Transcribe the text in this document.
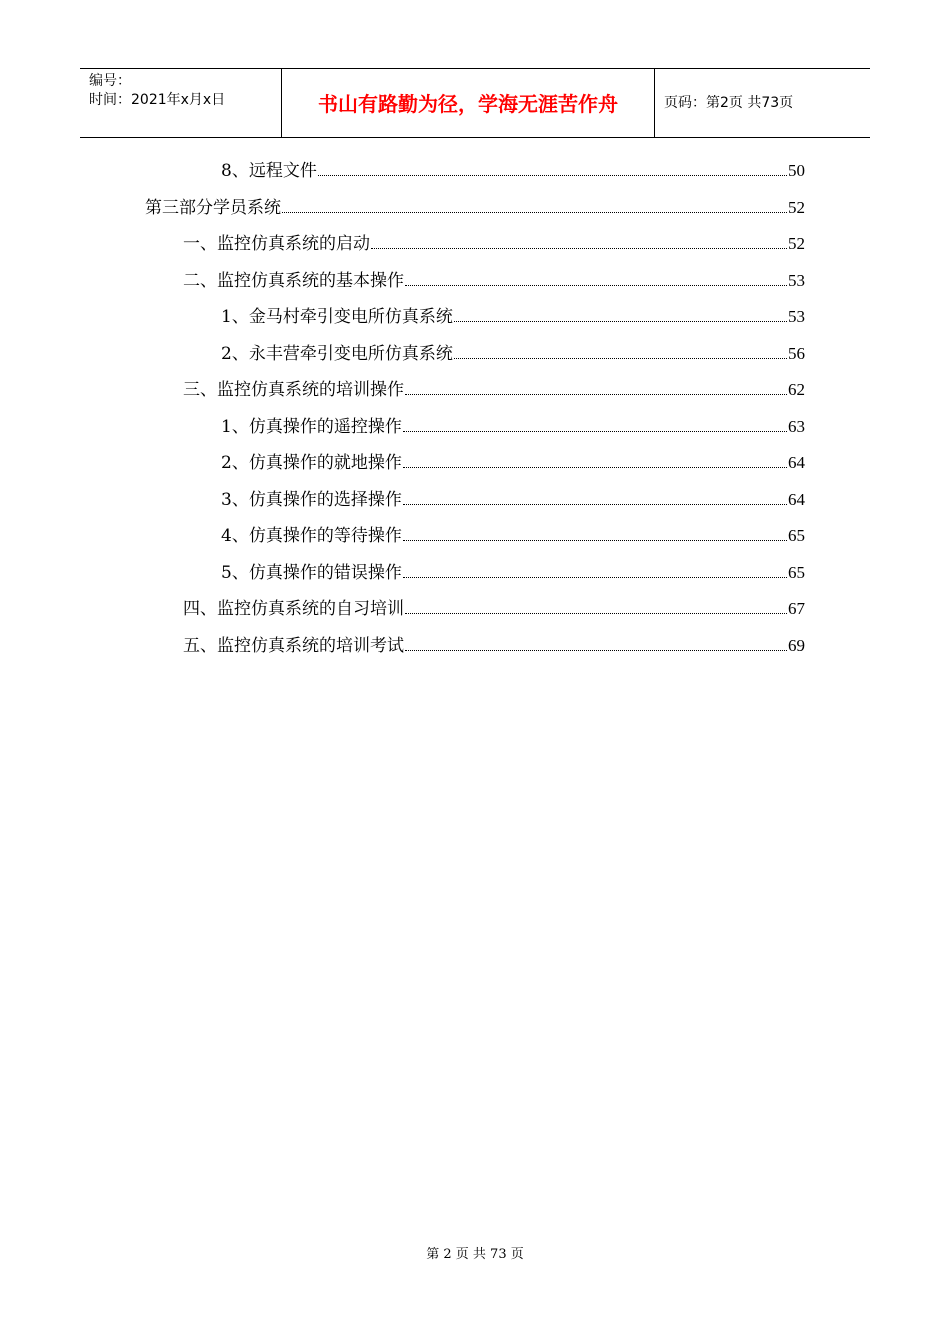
编号：
时间：2021年x月x日	书山有路勤为径，学海无涯苦作舟	页码：第2页 共73页
8、远程文件	50
第三部分学员系统	52
一、监控仿真系统的启动	52
二、监控仿真系统的基本操作	53
1、金马村牵引变电所仿真系统	53
2、永丰营牵引变电所仿真系统	56
三、监控仿真系统的培训操作	62
1、仿真操作的遥控操作	63
2、仿真操作的就地操作	64
3、仿真操作的选择操作	64
4、仿真操作的等待操作	65
5、仿真操作的错误操作	65
四、监控仿真系统的自习培训	67
五、监控仿真系统的培训考试	69
第 2 页 共 73 页
